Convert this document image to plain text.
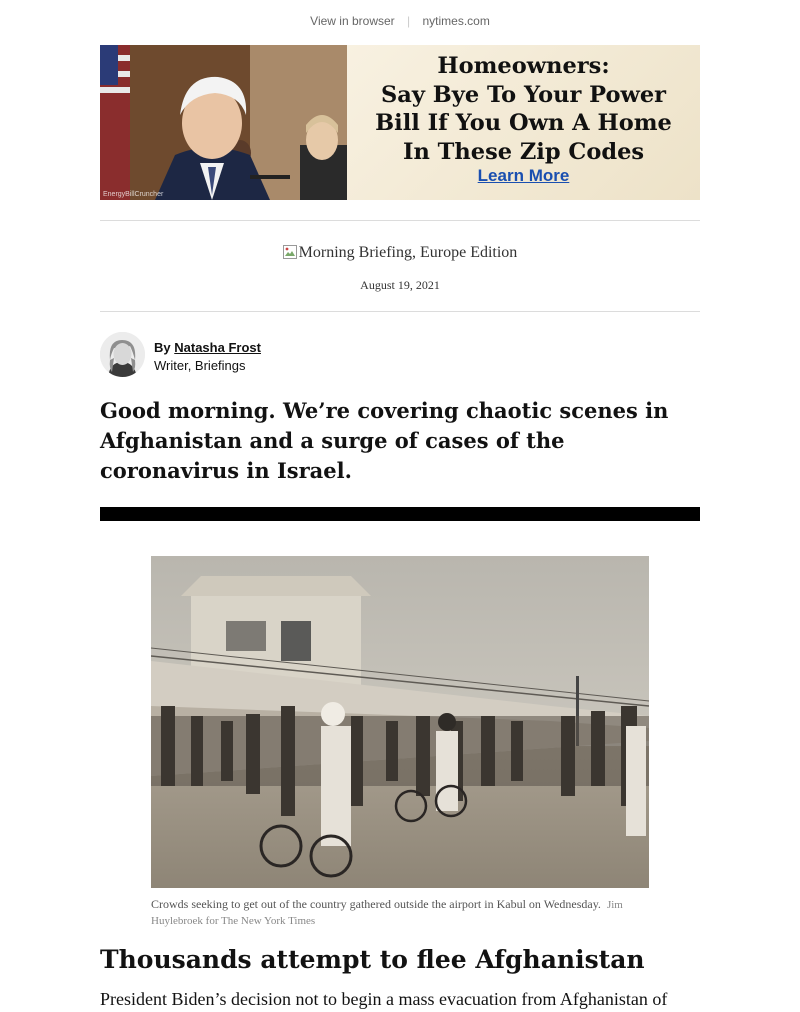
View in browser | nytimes.com
Homeowners:
Say Bye To Your Power
Bill If You Own A Home
In These Zip Codes
Learn More
EnergyBillCruncher
Morning Briefing, Europe Edition
August 19, 2021
By Natasha Frost
Writer, Briefings
Good morning. We’re covering chaotic scenes in Afghanistan and a surge of cases of the coronavirus in Israel.
Crowds seeking to get out of the country gathered outside the airport in Kabul on Wednesday. Jim Huylebroek for The New York Times
Thousands attempt to flee Afghanistan
President Biden’s decision not to begin a mass evacuation from Afghanistan of
